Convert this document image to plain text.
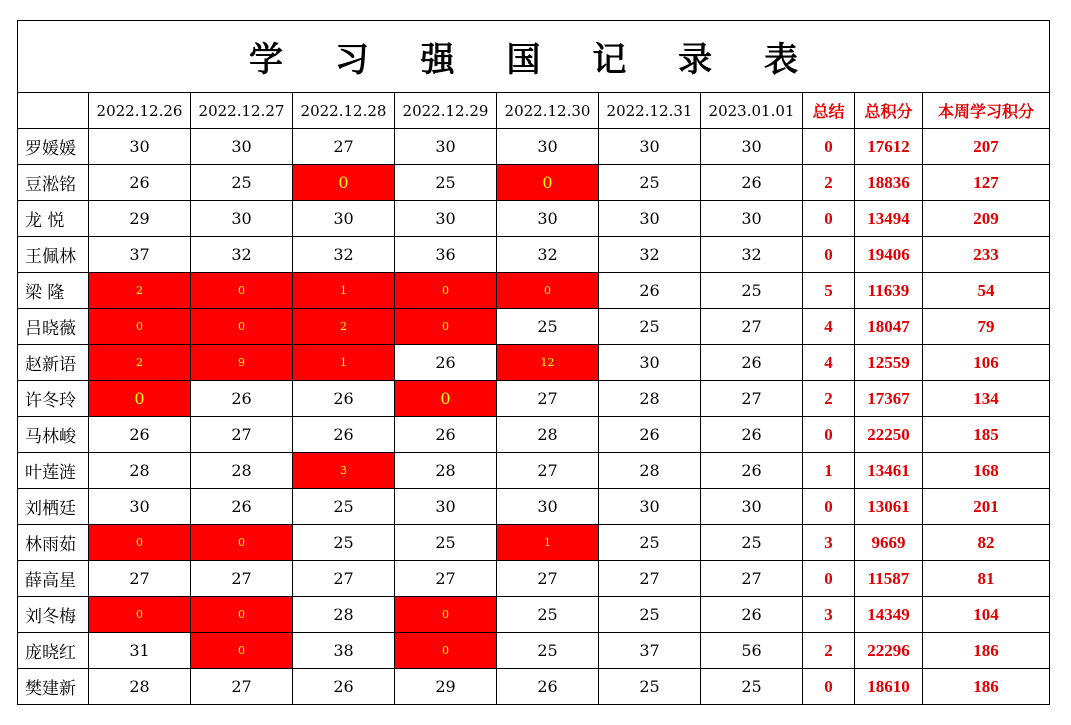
学 习 强 国 记 录 表										
	2022.12.26	2022.12.27	2022.12.28	2022.12.29	2022.12.30	2022.12.31	2023.01.01	总结	总积分	本周学习积分
罗媛媛	30	30	27	30	30	30	30	0	17612	207
豆淞铭	26	25	0	25	0	25	26	2	18836	127
龙 悦	29	30	30	30	30	30	30	0	13494	209
王佩林	37	32	32	36	32	32	32	0	19406	233
梁 隆	2	0	1	0	0	26	25	5	11639	54
吕晓薇	0	0	2	0	25	25	27	4	18047	79
赵新语	2	9	1	26	12	30	26	4	12559	106
许冬玲	0	26	26	0	27	28	27	2	17367	134
马林峻	26	27	26	26	28	26	26	0	22250	185
叶莲涟	28	28	3	28	27	28	26	1	13461	168
刘栖廷	30	26	25	30	30	30	30	0	13061	201
林雨茹	0	0	25	25	1	25	25	3	9669	82
薛高星	27	27	27	27	27	27	27	0	11587	81
刘冬梅	0	0	28	0	25	25	26	3	14349	104
庞晓红	31	0	38	0	25	37	56	2	22296	186
樊建新	28	27	26	29	26	25	25	0	18610	186
